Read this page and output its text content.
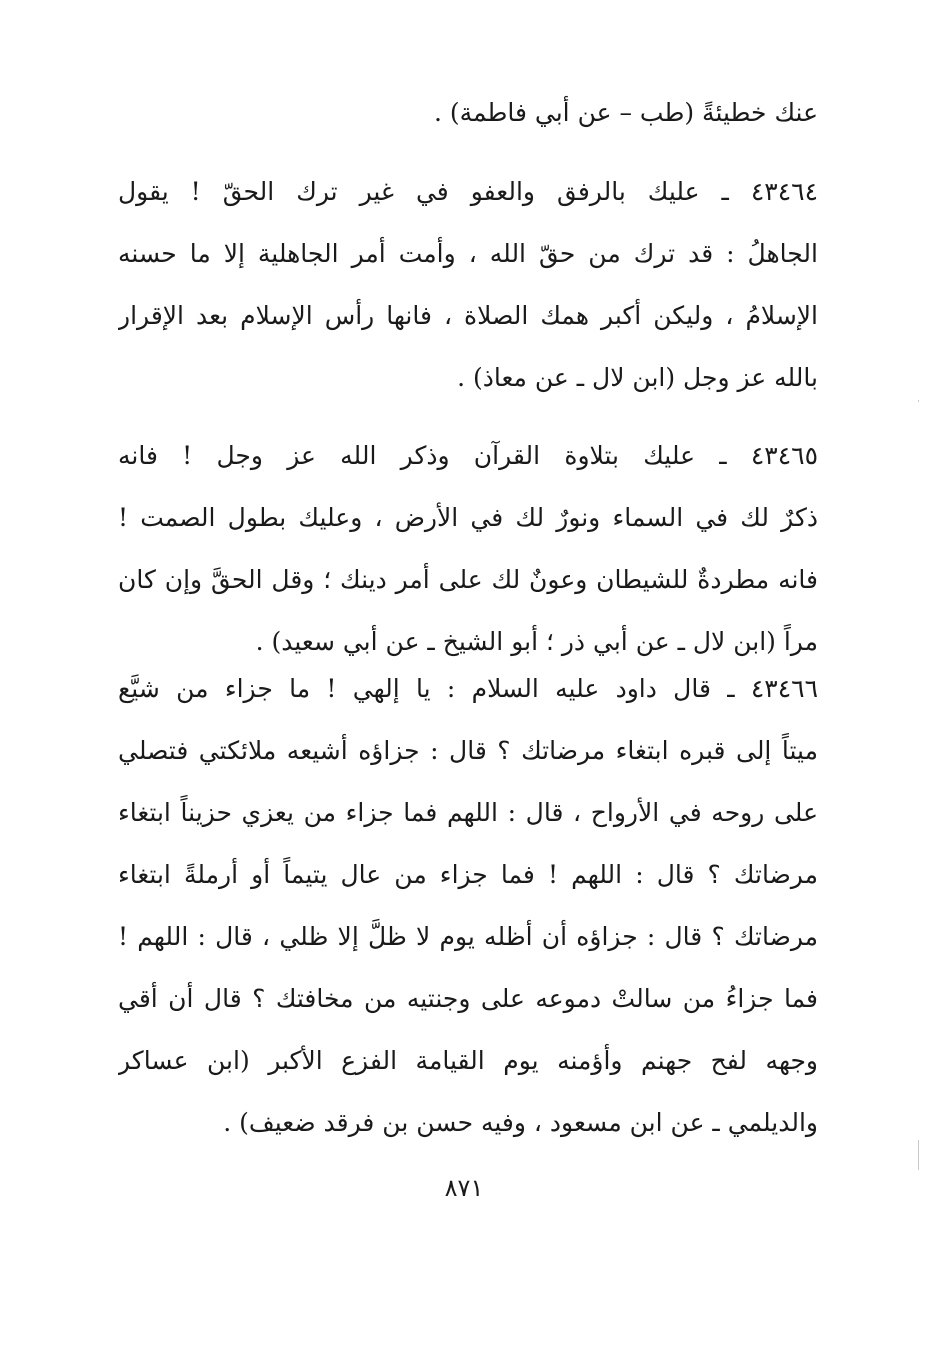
عنك خطيئةً (طب – عن أبي فاطمة) .
٤٣٤٦٤ ـ عليك بالرفق والعفو في غير ترك الحقّ ! يقول
الجاهلُ : قد ترك من حقّ الله ، وأمت أمر الجاهلية إلا ما حسنه
الإسلامُ ، وليكن أكبر همك الصلاة ، فانها رأس الإسلام بعد الإقرار
بالله عز وجل (ابن لال ـ عن معاذ) .
٤٣٤٦٥ ـ عليك بتلاوة القرآن وذكر الله عز وجل ! فانه
ذكرٌ لك في السماء ونورٌ لك في الأرض ، وعليك بطول الصمت !
فانه مطردةٌ للشيطان وعونٌ لك على أمر دينك ؛ وقل الحقَّ وإن كان
مراً (ابن لال ـ عن أبي ذر ؛ أبو الشيخ ـ عن أبي سعيد) .
٤٣٤٦٦ ـ قال داود عليه السلام : يا إلهي ! ما جزاء من شيَّع
ميتاً إلى قبره ابتغاء مرضاتك ؟ قال : جزاؤه أشيعه ملائكتي فتصلي
على روحه في الأرواح ، قال : اللهم فما جزاء من يعزي حزيناً ابتغاء
مرضاتك ؟ قال : اللهم ! فما جزاء من عال يتيماً أو أرملةً ابتغاء
مرضاتك ؟ قال : جزاؤه أن أظله يوم لا ظلَّ إلا ظلي ، قال : اللهم !
فما جزاءُ من سالتْ دموعه على وجنتيه من مخافتك ؟ قال أن أقي
وجهه لفح جهنم وأؤمنه يوم القيامة الفزع الأكبر (ابن عساكر
والديلمي ـ عن ابن مسعود ، وفيه حسن بن فرقد ضعيف) .
٨٧١
